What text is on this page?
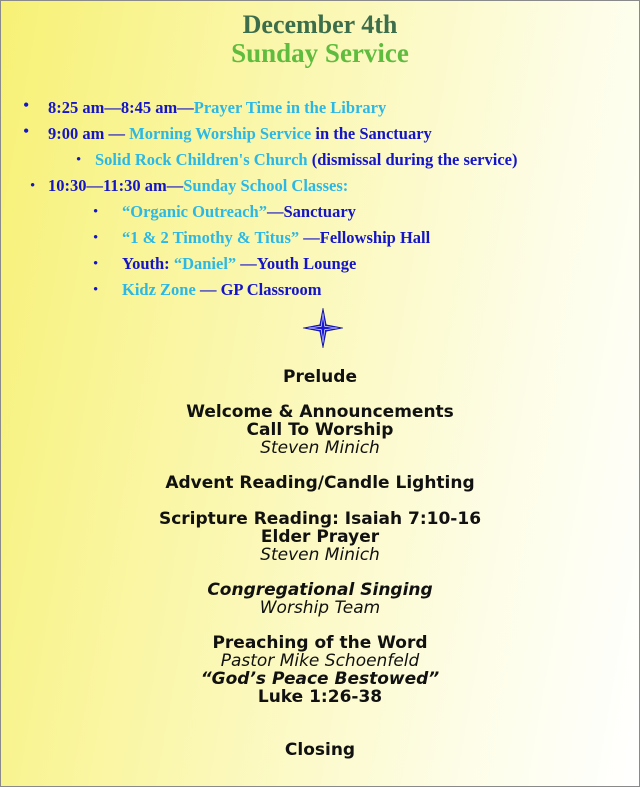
December 4th
Sunday Service
• 8:25 am—8:45 am—Prayer Time in the Library
• 9:00 am — Morning Worship Service in the Sanctuary
• Solid Rock Children's Church (dismissal during the service)
• 10:30—11:30 am—Sunday School Classes:
• “Organic Outreach”—Sanctuary
• “1 & 2 Timothy & Titus” —Fellowship Hall
• Youth: “Daniel” —Youth Lounge
• Kidz Zone — GP Classroom
Prelude
Welcome & Announcements
Call To Worship
Steven Minich
Advent Reading/Candle Lighting
Scripture Reading: Isaiah 7:10-16
Elder Prayer
Steven Minich
Congregational Singing
Worship Team
Preaching of the Word
Pastor Mike Schoenfeld
“God’s Peace Bestowed”
Luke 1:26-38
Closing
